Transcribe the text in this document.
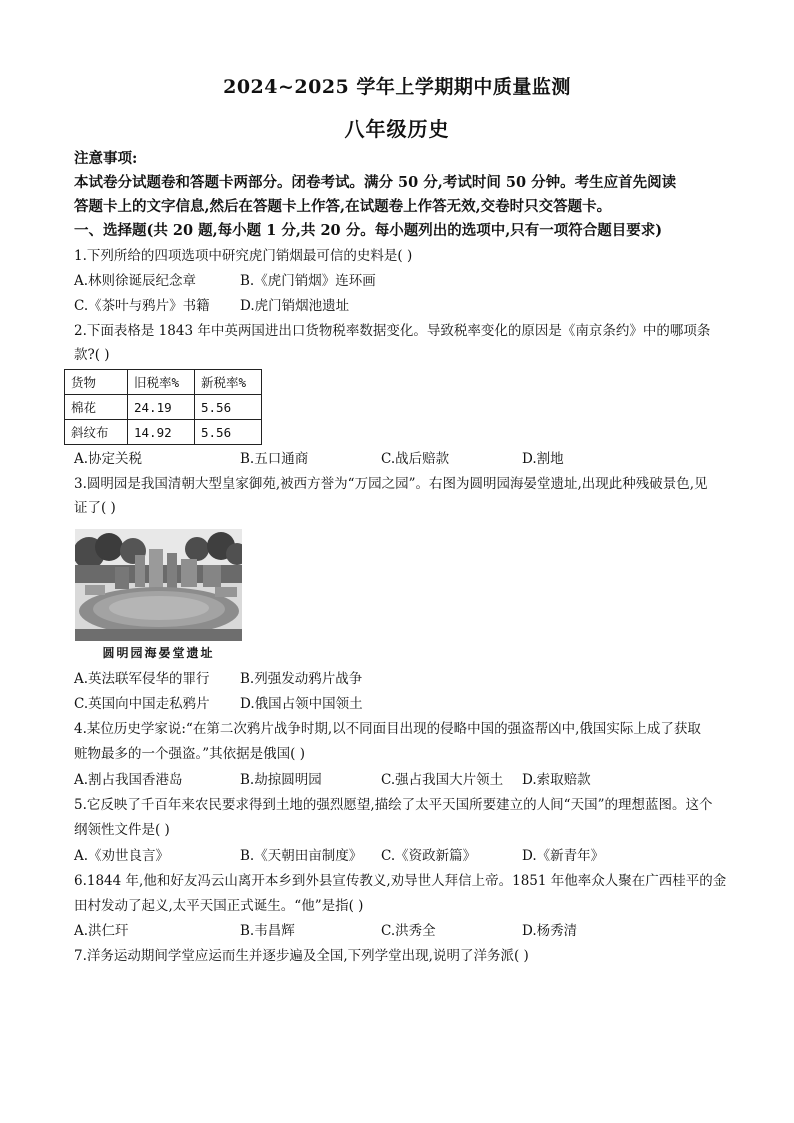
2024~2025 学年上学期期中质量监测
八年级历史
注意事项:
本试卷分试题卷和答题卡两部分。闭卷考试。满分 50 分,考试时间 50 分钟。考生应首先阅读
答题卡上的文字信息,然后在答题卡上作答,在试题卷上作答无效,交卷时只交答题卡。
一、选择题(共 20 题,每小题 1 分,共 20 分。每小题列出的选项中,只有一项符合题目要求)
1.下列所给的四项选项中研究虎门销烟最可信的史料是( )
A.林则徐诞辰纪念章	B.《虎门销烟》连环画
C.《茶叶与鸦片》书籍 D.虎门销烟池遗址
2.下面表格是 1843 年中英两国进出口货物税率数据变化。导致税率变化的原因是《南京条约》中的哪项条
款?( )
货物	旧税率%	新税率%
棉花	24.19	5.56
斜纹布	14.92	5.56
A.协定关税	B.五口通商	C.战后赔款	D.割地
3.圆明园是我国清朝大型皇家御苑,被西方誉为“万园之园”。右图为圆明园海晏堂遗址,出现此种残破景色,见
证了( )
圆明园海晏堂遗址
A.英法联军侵华的罪行 B.列强发动鸦片战争
C.英国向中国走私鸦片 D.俄国占领中国领土
4.某位历史学家说:“在第二次鸦片战争时期,以不同面目出现的侵略中国的强盗帮凶中,俄国实际上成了获取
赃物最多的一个强盗。”其依据是俄国( )
A.割占我国香港岛	B.劫掠圆明园	C.强占我国大片领土 D.索取赔款
5.它反映了千百年来农民要求得到土地的强烈愿望,描绘了太平天国所要建立的人间“天国”的理想蓝图。这个
纲领性文件是( )
A.《劝世良言》	B.《天朝田亩制度》 C.《资政新篇》	D.《新青年》
6.1844 年,他和好友冯云山离开本乡到外县宣传教义,劝导世人拜信上帝。1851 年他率众人聚在广西桂平的金
田村发动了起义,太平天国正式诞生。“他”是指( )
A.洪仁玕	B.韦昌辉	C.洪秀全	D.杨秀清
7.洋务运动期间学堂应运而生并逐步遍及全国,下列学堂出现,说明了洋务派( )
